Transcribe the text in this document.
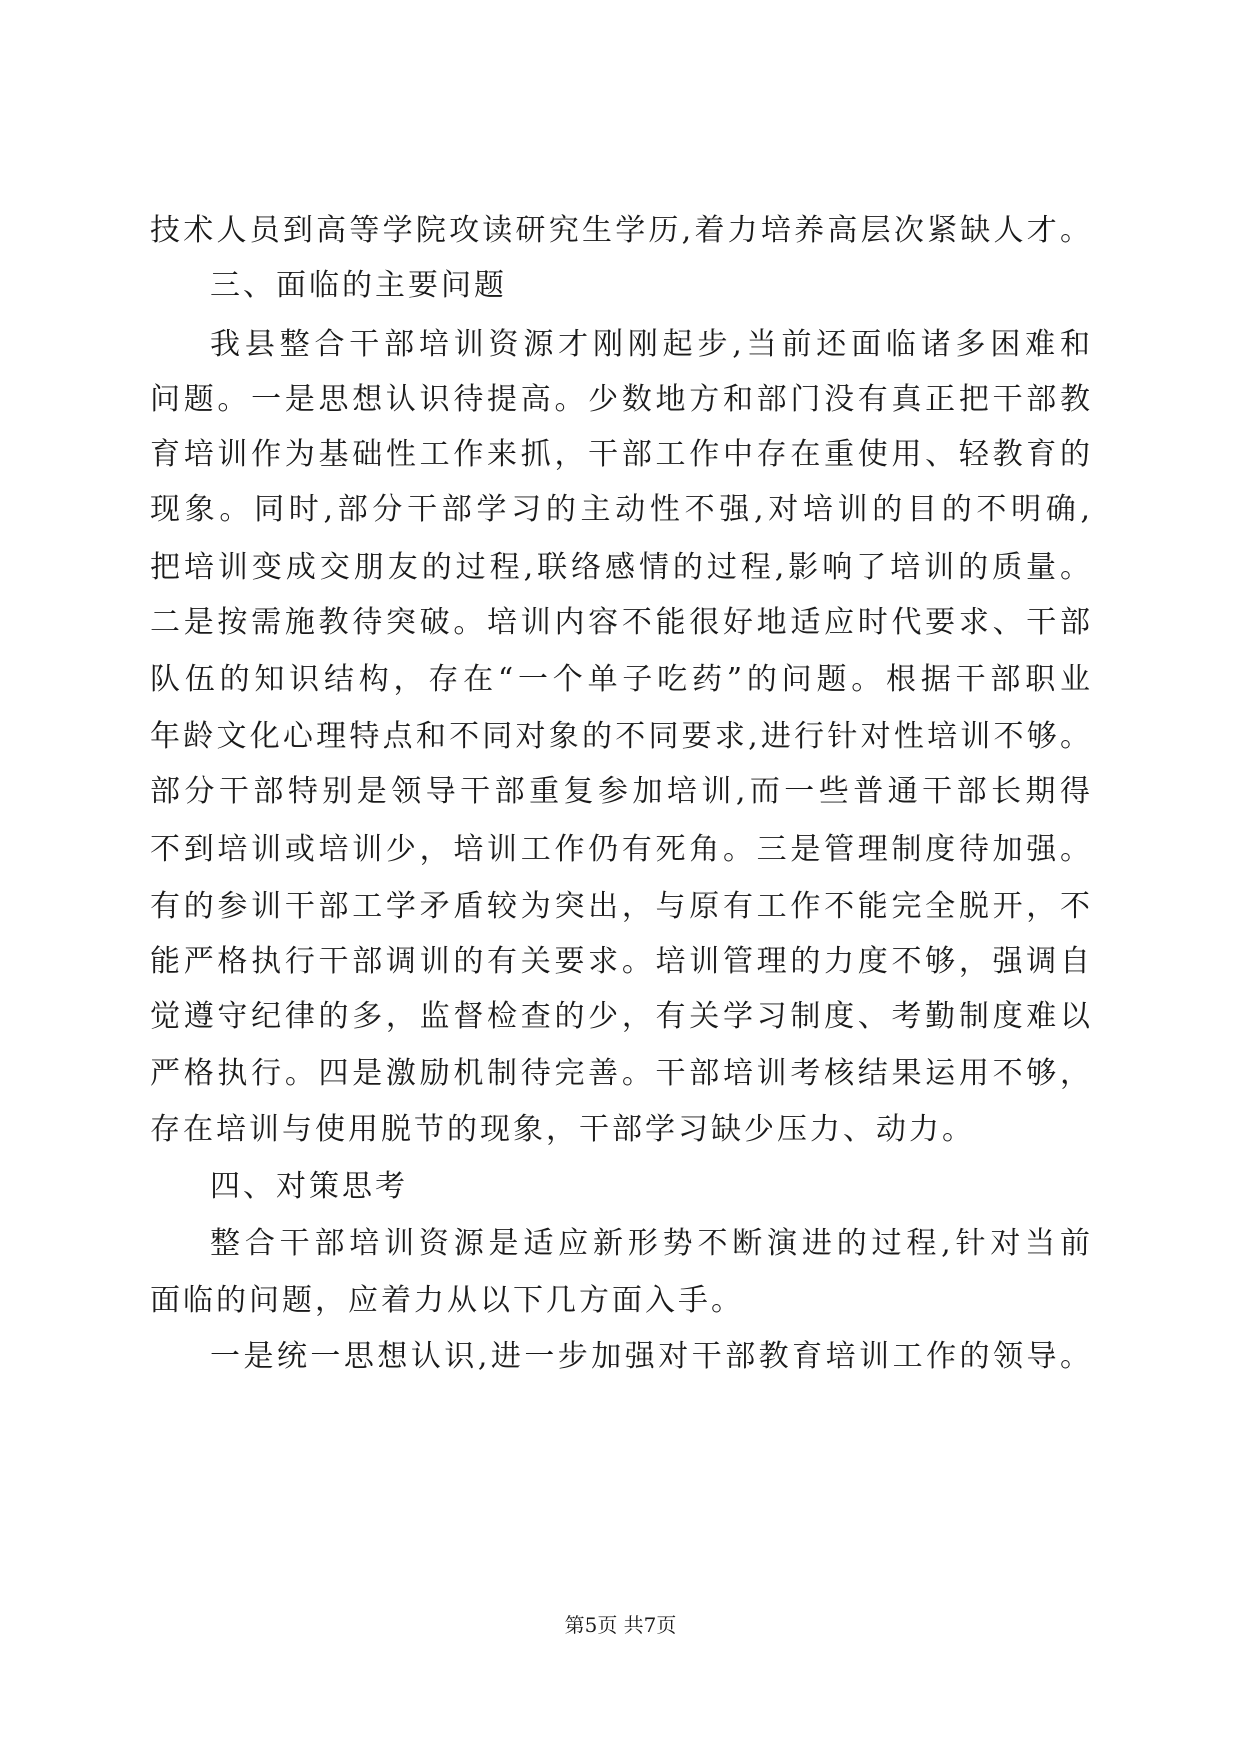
技术人员到高等学院攻读研究生学历,着力培养高层次紧缺人才。
三、面临的主要问题
我县整合干部培训资源才刚刚起步,当前还面临诸多困难和
问题。一是思想认识待提高。少数地方和部门没有真正把干部教
育培训作为基础性工作来抓，干部工作中存在重使用、轻教育的
现象。同时,部分干部学习的主动性不强,对培训的目的不明确,
把培训变成交朋友的过程,联络感情的过程,影响了培训的质量。
二是按需施教待突破。培训内容不能很好地适应时代要求、干部
队伍的知识结构，存在“一个单子吃药”的问题。根据干部职业
年龄文化心理特点和不同对象的不同要求,进行针对性培训不够。
部分干部特别是领导干部重复参加培训,而一些普通干部长期得
不到培训或培训少，培训工作仍有死角。三是管理制度待加强。
有的参训干部工学矛盾较为突出，与原有工作不能完全脱开，不
能严格执行干部调训的有关要求。培训管理的力度不够，强调自
觉遵守纪律的多，监督检查的少，有关学习制度、考勤制度难以
严格执行。四是激励机制待完善。干部培训考核结果运用不够，
存在培训与使用脱节的现象，干部学习缺少压力、动力。
四、对策思考
整合干部培训资源是适应新形势不断演进的过程,针对当前
面临的问题，应着力从以下几方面入手。
一是统一思想认识,进一步加强对干部教育培训工作的领导。
第5页 共7页
